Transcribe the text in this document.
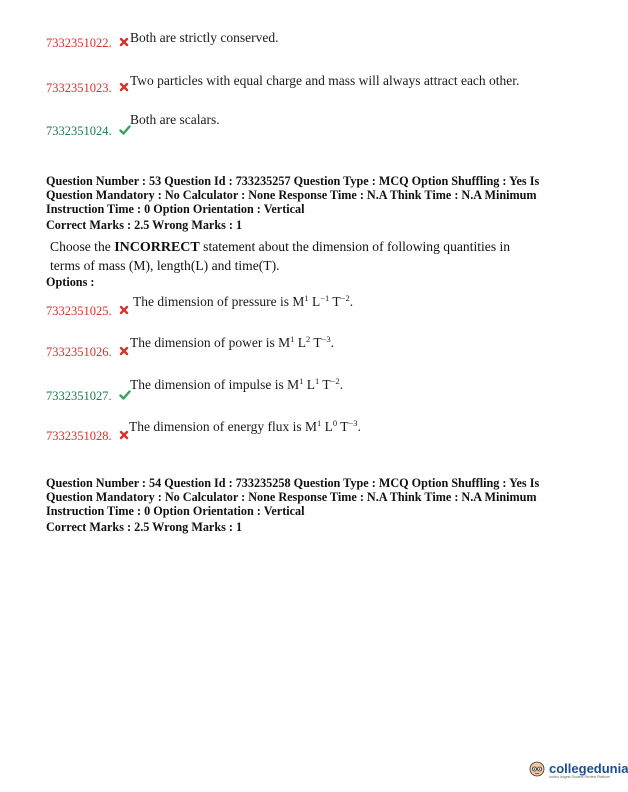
7332351022.	Both are strictly conserved.
7332351023.	Two particles with equal charge and mass will always attract each other.
7332351024.
Both are scalars.
Question Number : 53 Question Id : 733235257 Question Type : MCQ Option Shuffling : Yes Is Question Mandatory : No Calculator : None Response Time : N.A Think Time : N.A Minimum Instruction Time : 0 Option Orientation : Vertical
Correct Marks : 2.5 Wrong Marks : 1
Choose the INCORRECT statement about the dimension of following quantities in terms of mass (M), length(L) and time(T).
Options :
7332351025.
The dimension of pressure is $M^1$ $L^{-1}$ $T^{-2}$.
7332351026.
The dimension of power is $M^1$ $L^2$ $T^{-3}$.
7332351027.
The dimension of impulse is $M^1$ $L^1$ $T^{-2}$.
7332351028.
The dimension of energy flux is $M^1$ $L^0$ $T^{-3}$.
Question Number : 54 Question Id : 733235258 Question Type : MCQ Option Shuffling : Yes Is Question Mandatory : No Calculator : None Response Time : N.A Think Time : N.A Minimum Instruction Time : 0 Option Orientation : Vertical
Correct Marks : 2.5 Wrong Marks : 1
collegedunia
India's largest Student Review Platform
